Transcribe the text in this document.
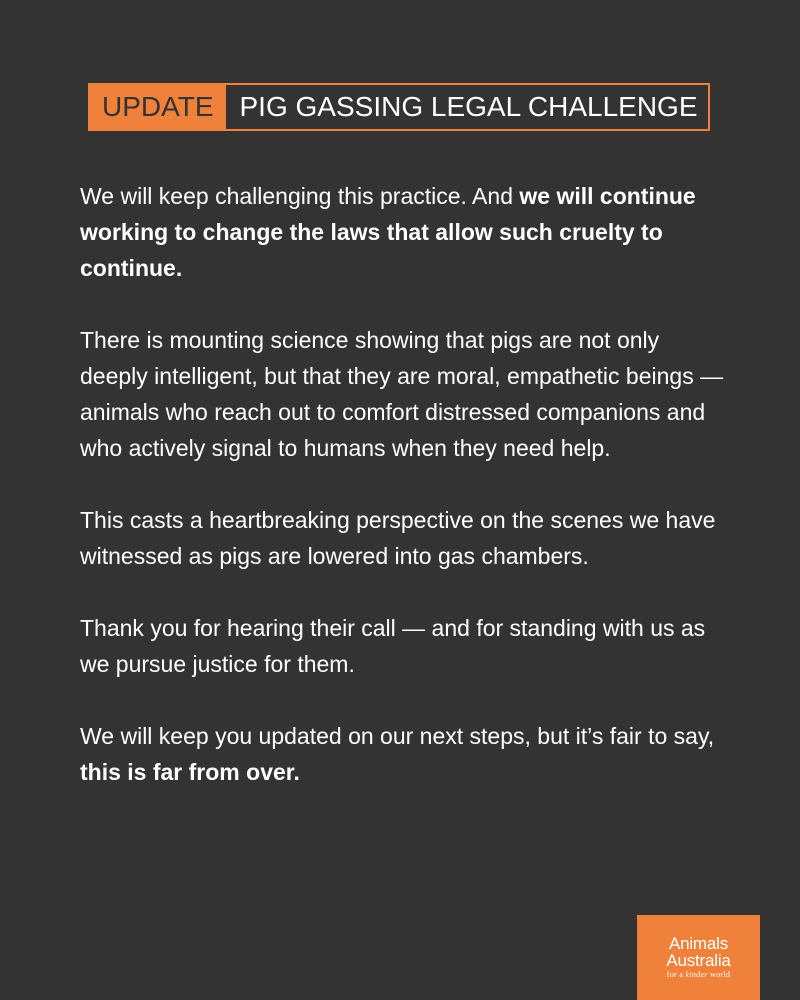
UPDATE PIG GASSING LEGAL CHALLENGE

We will keep challenging this practice. And we will continue working to change the laws that allow such cruelty to continue.

There is mounting science showing that pigs are not only deeply intelligent, but that they are moral, empathetic beings — animals who reach out to comfort distressed companions and who actively signal to humans when they need help.

This casts a heartbreaking perspective on the scenes we have witnessed as pigs are lowered into gas chambers.

Thank you for hearing their call — and for standing with us as we pursue justice for them.

We will keep you updated on our next steps, but it’s fair to say, this is far from over.

Animals
Australia
for a kinder world
